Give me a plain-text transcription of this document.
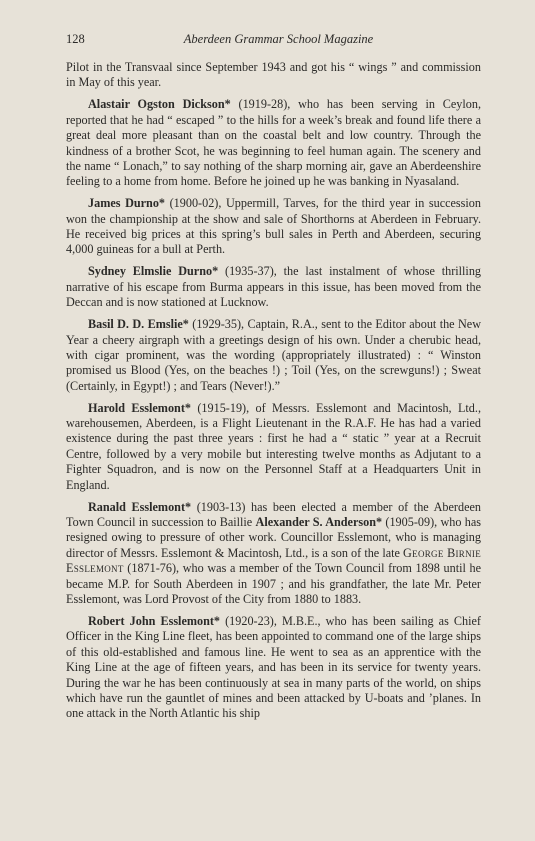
128	Aberdeen Grammar School Magazine

Pilot in the Transvaal since September 1943 and got his “ wings ” and commission in May of this year.

Alastair Ogston Dickson* (1919-28), who has been serving in Ceylon, reported that he had “ escaped ” to the hills for a week’s break and found life there a great deal more pleasant than on the coastal belt and low country. Through the kindness of a brother Scot, he was beginning to feel human again. The scenery and the name “ Lonach,” to say nothing of the sharp morning air, gave an Aberdeenshire feeling to a home from home. Before he joined up he was banking in Nyasaland.

James Durno* (1900-02), Uppermill, Tarves, for the third year in succession won the championship at the show and sale of Shorthorns at Aberdeen in February. He received big prices at this spring’s bull sales in Perth and Aberdeen, securing 4,000 guineas for a bull at Perth.

Sydney Elmslie Durno* (1935-37), the last instalment of whose thrilling narrative of his escape from Burma appears in this issue, has been moved from the Deccan and is now stationed at Lucknow.

Basil D. D. Emslie* (1929-35), Captain, R.A., sent to the Editor about the New Year a cheery airgraph with a greetings design of his own. Under a cherubic head, with cigar prominent, was the wording (appropriately illustrated) : “ Winston promised us Blood (Yes, on the beaches !) ; Toil (Yes, on the screwguns!) ; Sweat (Certainly, in Egypt!) ; and Tears (Never!).”

Harold Esslemont* (1915-19), of Messrs. Esslemont and Macintosh, Ltd., warehousemen, Aberdeen, is a Flight Lieutenant in the R.A.F. He has had a varied existence during the past three years : first he had a “ static ” year at a Recruit Centre, followed by a very mobile but interesting twelve months as Adjutant to a Fighter Squadron, and is now on the Personnel Staff at a Headquarters Unit in England.

Ranald Esslemont* (1903-13) has been elected a member of the Aberdeen Town Council in succession to Baillie Alexander S. Anderson* (1905-09), who has resigned owing to pressure of other work. Councillor Esslemont, who is managing director of Messrs. Esslemont & Macintosh, Ltd., is a son of the late George Birnie Esslemont (1871-76), who was a member of the Town Council from 1898 until he became M.P. for South Aberdeen in 1907 ; and his grandfather, the late Mr. Peter Esslemont, was Lord Provost of the City from 1880 to 1883.

Robert John Esslemont* (1920-23), M.B.E., who has been sailing as Chief Officer in the King Line fleet, has been appointed to command one of the large ships of this old-established and famous line. He went to sea as an apprentice with the King Line at the age of fifteen years, and has been in its service for twenty years. During the war he has been continuously at sea in many parts of the world, on ships which have run the gauntlet of mines and been attacked by U-boats and ’planes. In one attack in the North Atlantic his ship
